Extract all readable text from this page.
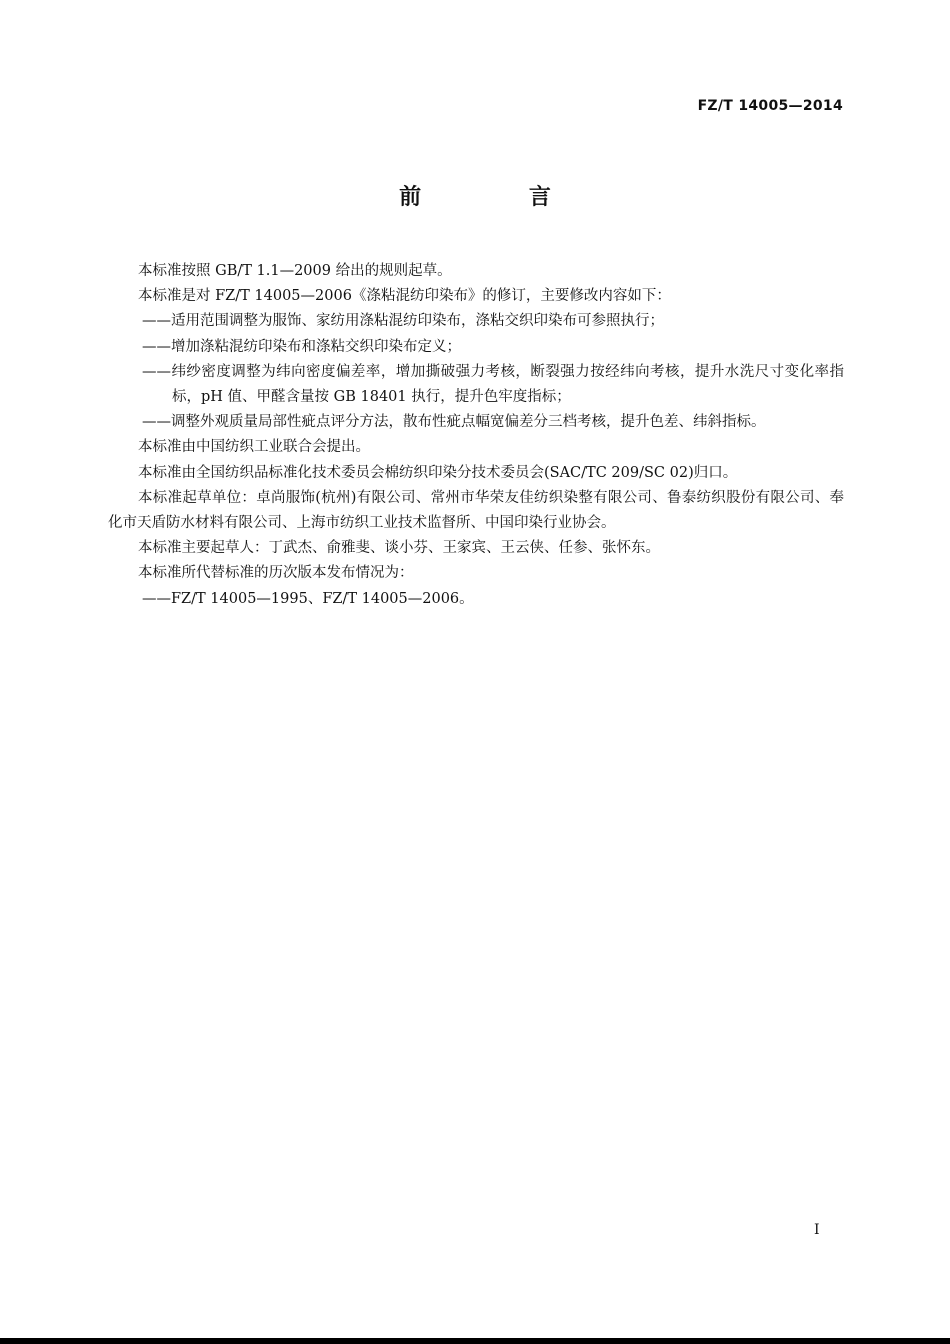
FZ/T 14005—2014
前 言

本标准按照 GB/T 1.1—2009 给出的规则起草。

本标准是对 FZ/T 14005—2006《涤粘混纺印染布》的修订，主要修改内容如下：

——适用范围调整为服饰、家纺用涤粘混纺印染布，涤粘交织印染布可参照执行；

——增加涤粘混纺印染布和涤粘交织印染布定义；

——纬纱密度调整为纬向密度偏差率，增加撕破强力考核，断裂强力按经纬向考核，提升水洗尺寸变化率指标，pH 值、甲醛含量按 GB 18401 执行，提升色牢度指标；

——调整外观质量局部性疵点评分方法，散布性疵点幅宽偏差分三档考核，提升色差、纬斜指标。

本标准由中国纺织工业联合会提出。

本标准由全国纺织品标准化技术委员会棉纺织印染分技术委员会(SAC/TC 209/SC 02)归口。

本标准起草单位：卓尚服饰(杭州)有限公司、常州市华荣友佳纺织染整有限公司、鲁泰纺织股份有限公司、奉化市天盾防水材料有限公司、上海市纺织工业技术监督所、中国印染行业协会。

本标准主要起草人：丁武杰、俞雅斐、谈小芬、王家宾、王云侠、任参、张怀东。

本标准所代替标准的历次版本发布情况为：

——FZ/T 14005—1995、FZ/T 14005—2006。

I
